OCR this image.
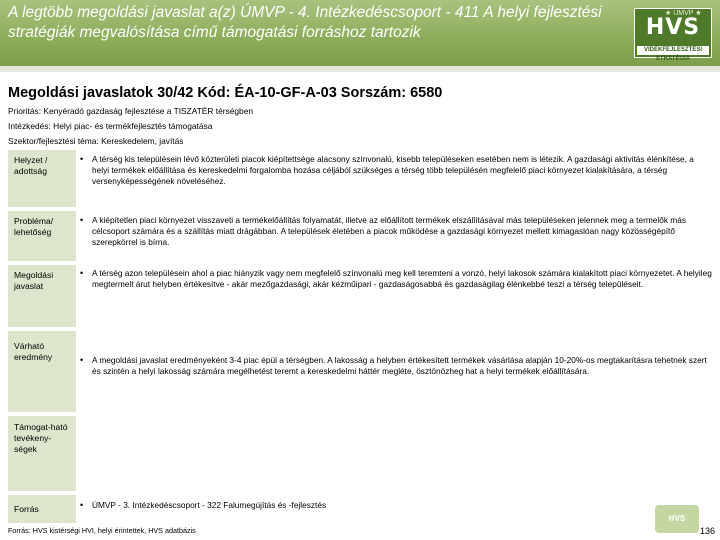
A legtöbb megoldási javaslat a(z) ÚMVP - 4. Intézkedéscsoport - 411 A helyi fejlesztési stratégiák megvalósítása című támogatási forráshoz tartozik
★ UMVP ★
HVS
VIDÉKFEJLESZTÉSI STRATÉGIA
Megoldási javaslatok 30/42 Kód: ÉA-10-GF-A-03 Sorszám: 6580
Prioritás: Kenyéradó gazdaság fejlesztése a TISZATÉR térségben
Intézkedés: Helyi piac- és termékfejlesztés támogatása
Szektor/fejlesztési téma: Kereskedelem, javítás
Helyzet / adottság
• A térség kis településein lévő közterületi piacok kiépítettsége alacsony színvonalú, kisebb településeken esetében nem is létezik. A gazdasági aktivitás élénkítése, a helyi termékek előállítása és kereskedelmi forgalomba hozása céljából szükséges a térség több településén megfelelő piaci környezet kialakítására, a térség versenyképességének növeléséhez.
Probléma/ lehetőség
• A kiépítetlen piaci környezet visszaveti a termékelőállítás folyamatát, illetve az előállított termékek elszállításával más településeken jelennek meg a termelők más célcsoport számára és a szállítás miatt drágábban. A települések életében a piacok működése a gazdasági környezet mellett kimagaslóan nagy közösségépítő szerepkörrel is bírna.
Megoldási javaslat
• A térség azon településein ahol a piac hiányzik vagy nem megfelelő színvonalú meg kell teremteni a vonzó, helyi lakosok számára kialakított piaci környezetet. A helyileg megtermelt árut helyben értékesítve - akár mezőgazdasági, akár kézműipari - gazdaságosabbá és gazdaságilag élénkebbé teszi a térség településeit.
Várható eredmény	• A megoldási javaslat eredményeként 3-4 piac épül a térségben. A lakosság a helyben értékesített termékek vásárlása alapján 10-20%-os megtakarításra tehetnek szert és szintén a helyi lakosság számára megélhetést teremt a kereskedelmi háttér megléte, ösztönözheg hat a helyi termékek előállítására.
Támogat-ható tevékeny-ségek
Forrás	• ÚMVP - 3. Intézkedéscsoport - 322 Falumegújítás és -fejlesztés
Forrás: HVS kistérségi HVI, helyi érintettek, HVS adatbázis
HVS
136
